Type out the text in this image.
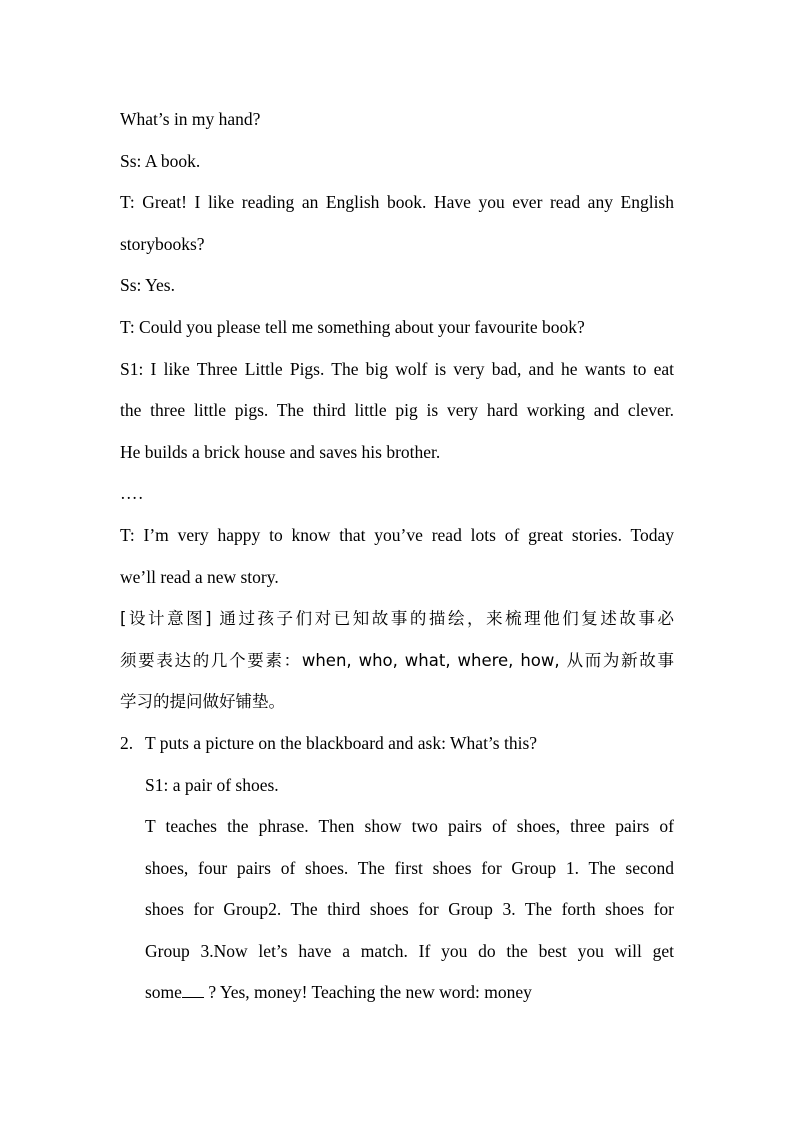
What’s in my hand?
Ss: A book.
T: Great! I like reading an English book. Have you ever read any English
storybooks?
Ss: Yes.
T: Could you please tell me something about your favourite book?
S1: I like Three Little Pigs. The big wolf is very bad, and he wants to eat
the three little pigs. The third little pig is very hard working and clever.
He builds a brick house and saves his brother.
….
T: I’m very happy to know that you’ve read lots of great stories. Today
we’ll read a new story.
[设计意图] 通过孩子们对已知故事的描绘，来梳理他们复述故事必
须要表达的几个要素：when, who, what, where, how, 从而为新故事
学习的提问做好铺垫。
2. T puts a picture on the blackboard and ask: What’s this?
S1: a pair of shoes.
T teaches the phrase. Then show two pairs of shoes, three pairs of
shoes, four pairs of shoes. The first shoes for Group 1. The second
shoes for Group2. The third shoes for Group 3. The forth shoes for
Group 3.Now let’s have a match. If you do the best you will get
some ? Yes, money! Teaching the new word: money
